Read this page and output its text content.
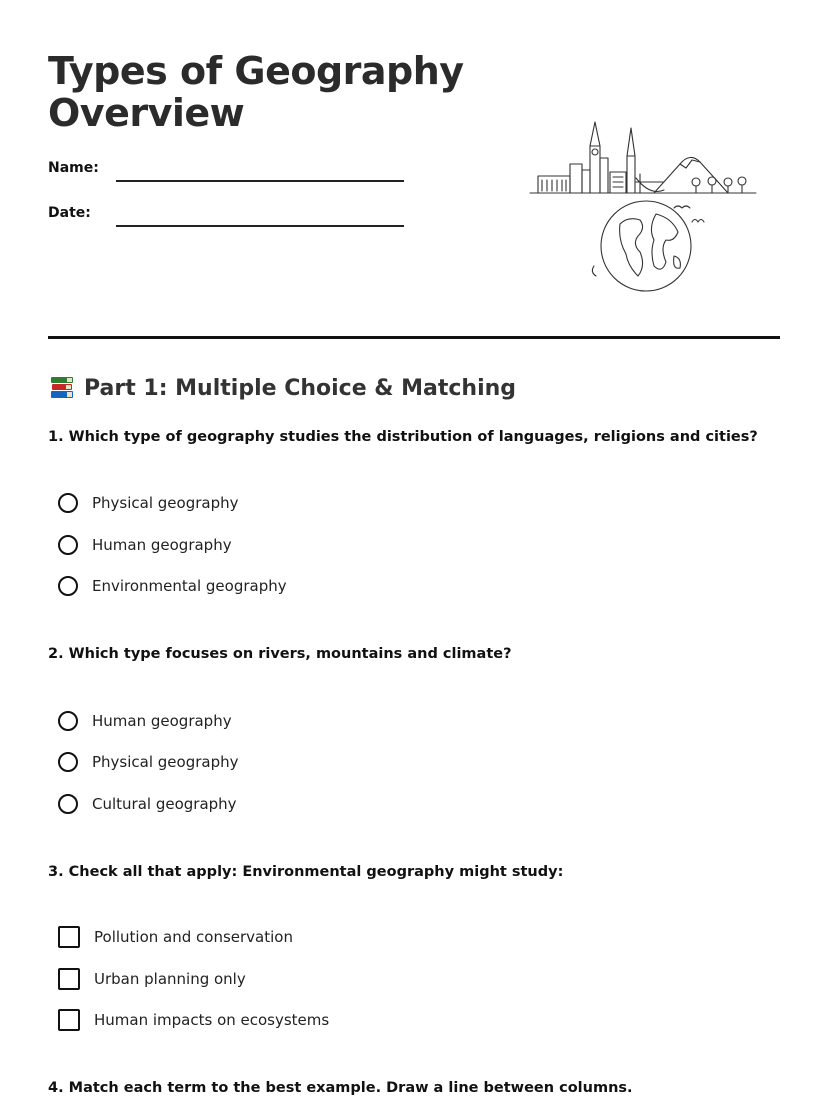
Types of Geography Overview
Name:
Date:
Part 1: Multiple Choice & Matching

1. Which type of geography studies the distribution of languages, religions and cities?

Physical geography
Human geography
Environmental geography

2. Which type focuses on rivers, mountains and climate?

Human geography
Physical geography
Cultural geography

3. Check all that apply: Environmental geography might study:

Pollution and conservation
Urban planning only
Human impacts on ecosystems

4. Match each term to the best example. Draw a line between columns.
